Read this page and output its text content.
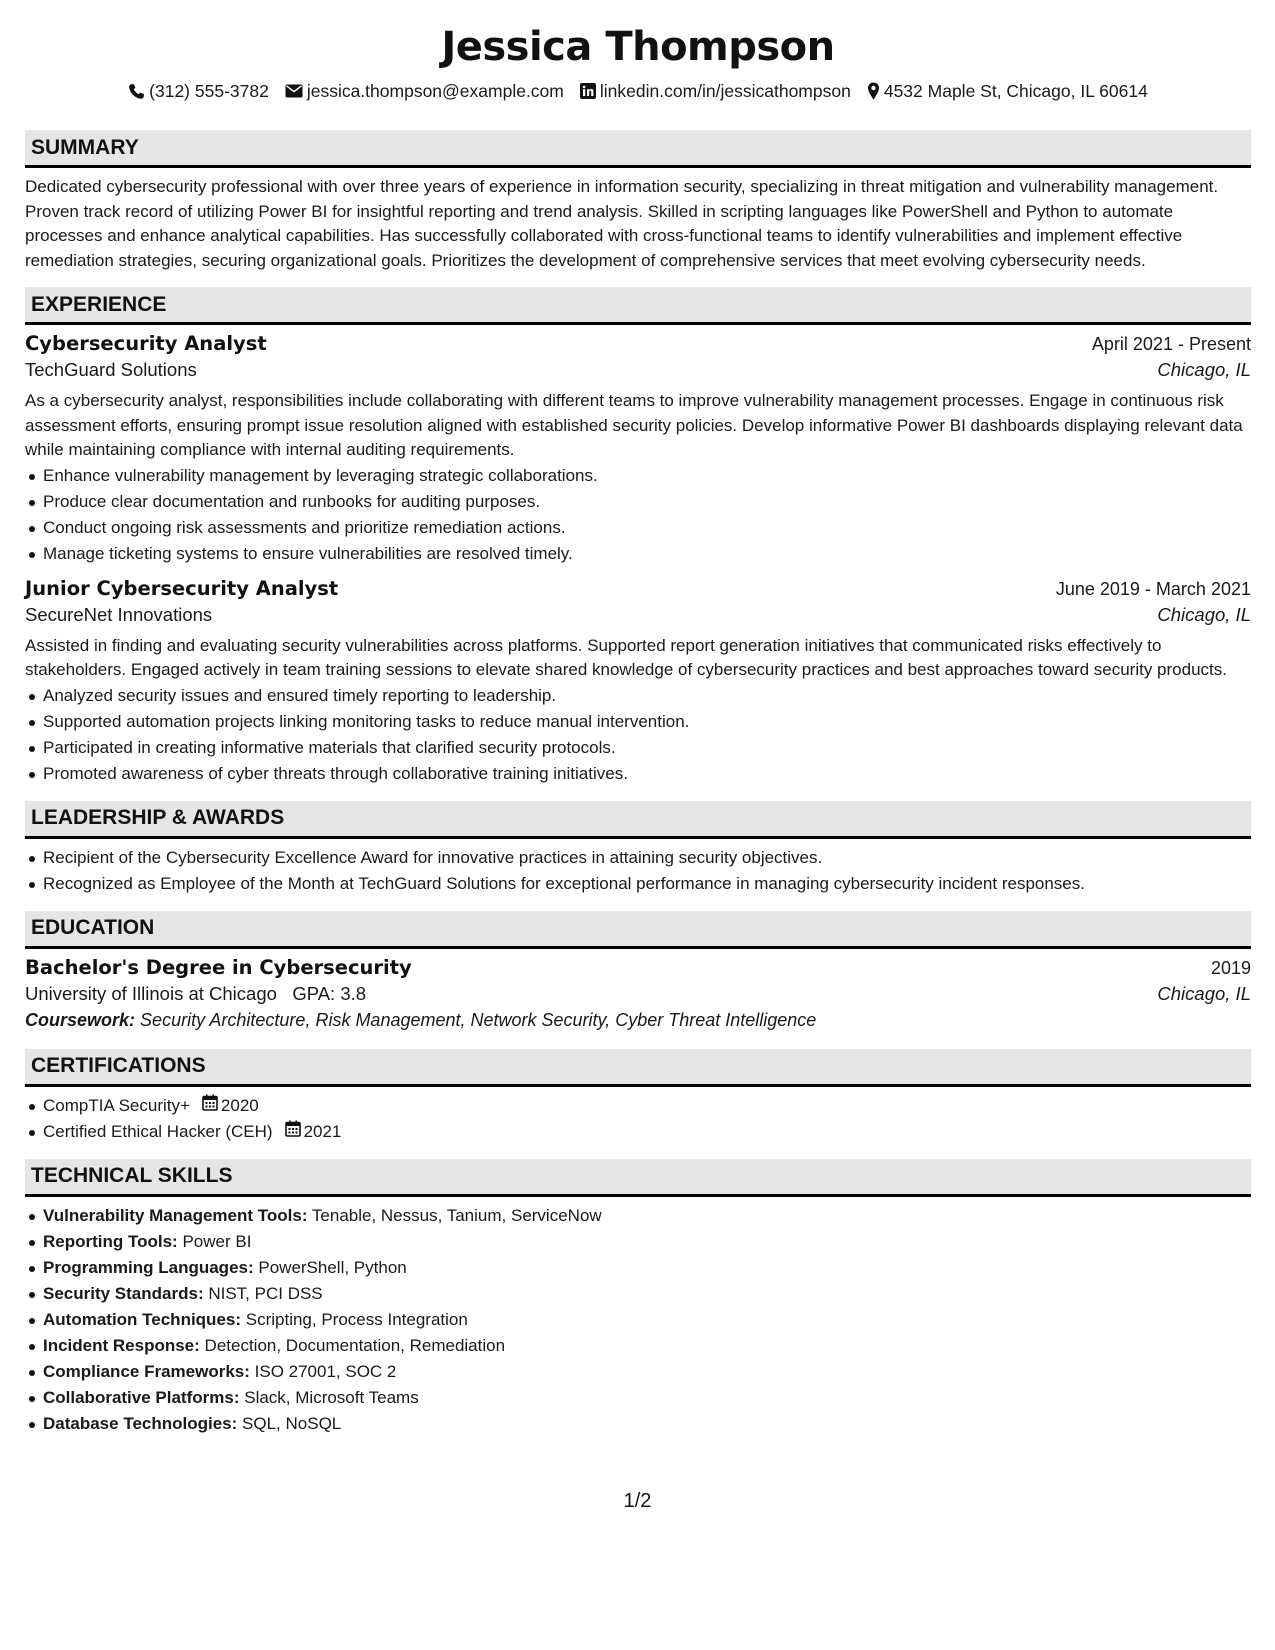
Jessica Thompson
(312) 555-3782 jessica.thompson@example.com linkedin.com/in/jessicathompson 4532 Maple St, Chicago, IL 60614
SUMMARY
Dedicated cybersecurity professional with over three years of experience in information security, specializing in threat mitigation and vulnerability management. Proven track record of utilizing Power BI for insightful reporting and trend analysis. Skilled in scripting languages like PowerShell and Python to automate processes and enhance analytical capabilities. Has successfully collaborated with cross-functional teams to identify vulnerabilities and implement effective remediation strategies, securing organizational goals. Prioritizes the development of comprehensive services that meet evolving cybersecurity needs.
EXPERIENCE
Cybersecurity Analyst	April 2021 - Present
TechGuard Solutions	Chicago, IL
As a cybersecurity analyst, responsibilities include collaborating with different teams to improve vulnerability management processes. Engage in continuous risk assessment efforts, ensuring prompt issue resolution aligned with established security policies. Develop informative Power BI dashboards displaying relevant data while maintaining compliance with internal auditing requirements.
Enhance vulnerability management by leveraging strategic collaborations.
Produce clear documentation and runbooks for auditing purposes.
Conduct ongoing risk assessments and prioritize remediation actions.
Manage ticketing systems to ensure vulnerabilities are resolved timely.
Junior Cybersecurity Analyst	June 2019 - March 2021
SecureNet Innovations	Chicago, IL
Assisted in finding and evaluating security vulnerabilities across platforms. Supported report generation initiatives that communicated risks effectively to stakeholders. Engaged actively in team training sessions to elevate shared knowledge of cybersecurity practices and best approaches toward security products.
Analyzed security issues and ensured timely reporting to leadership.
Supported automation projects linking monitoring tasks to reduce manual intervention.
Participated in creating informative materials that clarified security protocols.
Promoted awareness of cyber threats through collaborative training initiatives.
LEADERSHIP & AWARDS
Recipient of the Cybersecurity Excellence Award for innovative practices in attaining security objectives.
Recognized as Employee of the Month at TechGuard Solutions for exceptional performance in managing cybersecurity incident responses.
EDUCATION
Bachelor's Degree in Cybersecurity	2019
University of Illinois at Chicago GPA: 3.8	Chicago, IL
Coursework: Security Architecture, Risk Management, Network Security, Cyber Threat Intelligence
CERTIFICATIONS
CompTIA Security+ 2020
Certified Ethical Hacker (CEH) 2021
TECHNICAL SKILLS
Vulnerability Management Tools: Tenable, Nessus, Tanium, ServiceNow
Reporting Tools: Power BI
Programming Languages: PowerShell, Python
Security Standards: NIST, PCI DSS
Automation Techniques: Scripting, Process Integration
Incident Response: Detection, Documentation, Remediation
Compliance Frameworks: ISO 27001, SOC 2
Collaborative Platforms: Slack, Microsoft Teams
Database Technologies: SQL, NoSQL
1/2
